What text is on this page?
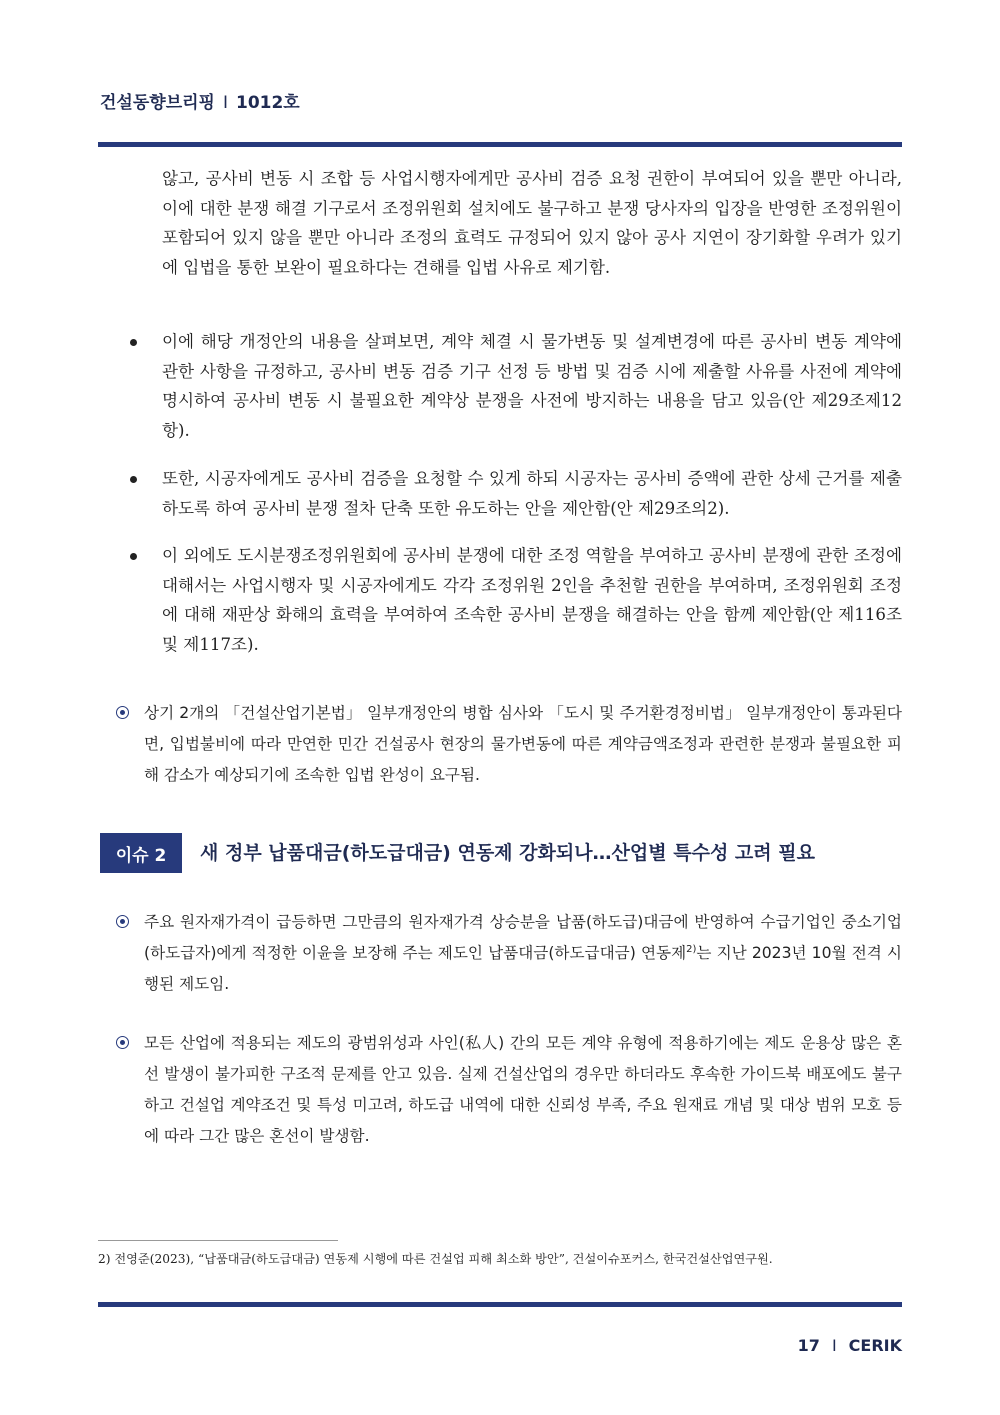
건설동향브리핑 I 1012호

않고, 공사비 변동 시 조합 등 사업시행자에게만 공사비 검증 요청 권한이 부여되어 있을 뿐만 아니라, 이에 대한 분쟁 해결 기구로서 조정위원회 설치에도 불구하고 분쟁 당사자의 입장을 반영한 조정위원이 포함되어 있지 않을 뿐만 아니라 조정의 효력도 규정되어 있지 않아 공사 지연이 장기화할 우려가 있기에 입법을 통한 보완이 필요하다는 견해를 입법 사유로 제기함.

이에 해당 개정안의 내용을 살펴보면, 계약 체결 시 물가변동 및 설계변경에 따른 공사비 변동 계약에 관한 사항을 규정하고, 공사비 변동 검증 기구 선정 등 방법 및 검증 시에 제출할 사유를 사전에 계약에 명시하여 공사비 변동 시 불필요한 계약상 분쟁을 사전에 방지하는 내용을 담고 있음(안 제29조제12항).

또한, 시공자에게도 공사비 검증을 요청할 수 있게 하되 시공자는 공사비 증액에 관한 상세 근거를 제출하도록 하여 공사비 분쟁 절차 단축 또한 유도하는 안을 제안함(안 제29조의2).

이 외에도 도시분쟁조정위원회에 공사비 분쟁에 대한 조정 역할을 부여하고 공사비 분쟁에 관한 조정에 대해서는 사업시행자 및 시공자에게도 각각 조정위원 2인을 추천할 권한을 부여하며, 조정위원회 조정에 대해 재판상 화해의 효력을 부여하여 조속한 공사비 분쟁을 해결하는 안을 함께 제안함(안 제116조 및 제117조).

상기 2개의 「건설산업기본법」 일부개정안의 병합 심사와 「도시 및 주거환경정비법」 일부개정안이 통과된다면, 입법불비에 따라 만연한 민간 건설공사 현장의 물가변동에 따른 계약금액조정과 관련한 분쟁과 불필요한 피해 감소가 예상되기에 조속한 입법 완성이 요구됨.

이슈 2	새 정부 납품대금(하도급대금) 연동제 강화되나…산업별 특수성 고려 필요

주요 원자재가격이 급등하면 그만큼의 원자재가격 상승분을 납품(하도급)대금에 반영하여 수급기업인 중소기업(하도급자)에게 적정한 이윤을 보장해 주는 제도인 납품대금(하도급대금) 연동제$^{2)}$는 지난 2023년 10월 전격 시행된 제도임.

모든 산업에 적용되는 제도의 광범위성과 사인(私人) 간의 모든 계약 유형에 적용하기에는 제도 운용상 많은 혼선 발생이 불가피한 구조적 문제를 안고 있음. 실제 건설산업의 경우만 하더라도 후속한 가이드북 배포에도 불구하고 건설업 계약조건 및 특성 미고려, 하도급 내역에 대한 신뢰성 부족, 주요 원재료 개념 및 대상 범위 모호 등에 따라 그간 많은 혼선이 발생함.

2) 전영준(2023), “납품대금(하도급대금) 연동제 시행에 따른 건설업 피해 최소화 방안”, 건설이슈포커스, 한국건설산업연구원.
17 I CERIK
